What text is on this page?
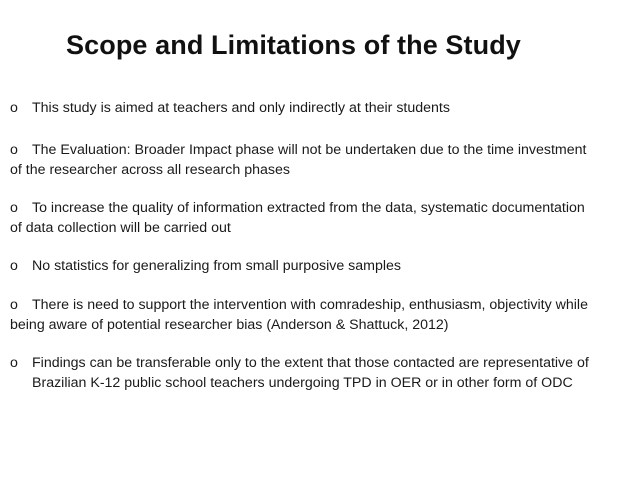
Scope and Limitations of the Study
o This study is aimed at teachers and only indirectly at their students
o The Evaluation: Broader Impact phase will not be undertaken due to the time investment
of the researcher across all research phases
o To increase the quality of information extracted from the data, systematic documentation
of data collection will be carried out
o No statistics for generalizing from small purposive samples
o There is need to support the intervention with comradeship, enthusiasm, objectivity while
being aware of potential researcher bias (Anderson & Shattuck, 2012)
o Findings can be transferable only to the extent that those contacted are representative of
Brazilian K-12 public school teachers undergoing TPD in OER or in other form of ODC
